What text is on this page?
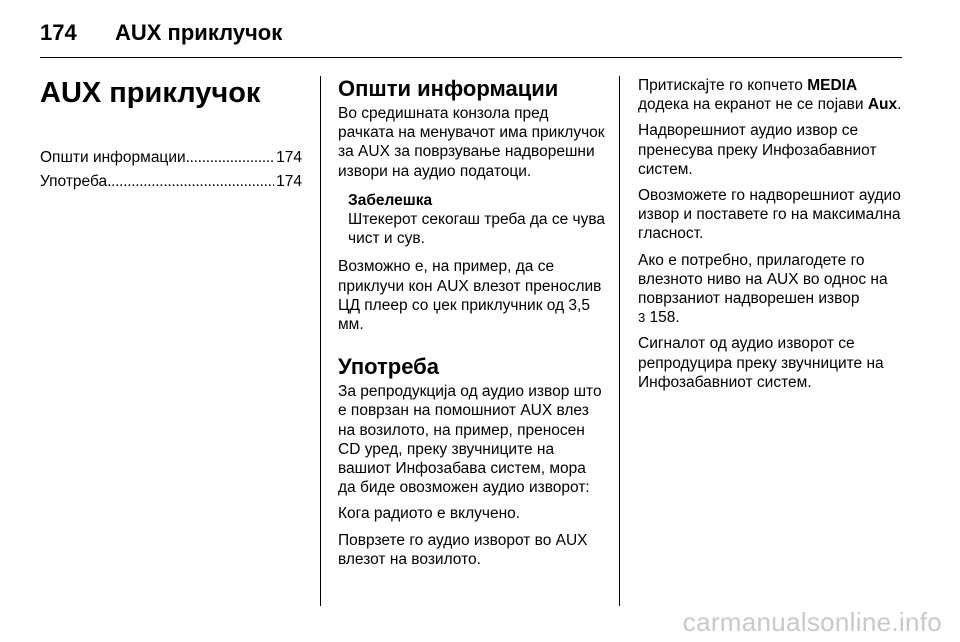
174 AUX приклучок
AUX приклучок
Општи информации . . .	174
Употреба . . .	174
Општи информации

Во средишната конзола пред рачката на менувачот има приклучок за AUX за поврзување надворешни извори на аудио податоци.

Забелешка
Штекерот секогаш треба да се чува чист и сув.

Возможно е, на пример, да се приклучи кон AUX влезот пренослив ЦД плеер со џек приклучник од 3,5 мм.

Употреба

За репродукција од аудио извор што е поврзан на помошниот AUX влез на возилото, на пример, преносен CD уред, преку звучниците на вашиот Инфозабавa систем, мора да биде овозможен аудио изворот:

Кога радиото е вклучено.

Поврзете го аудио изворот во AUX влезот на возилото.

Притискајте го копчето MEDIA додека на екранот не се појави Aux.

Надворешниот аудио извор се пренесува преку Инфозабавниот систем.

Овозможете го надворешниот аудио извор и поставете го на максимална гласност.

Ако е потребно, прилагодете го влезното ниво на AUX во однос на поврзаниот надворешен извор
3 158.

Сигналот од аудио изворот се репродуцира преку звучниците на Инфозабавниот систем.

carmanualsonline.info
